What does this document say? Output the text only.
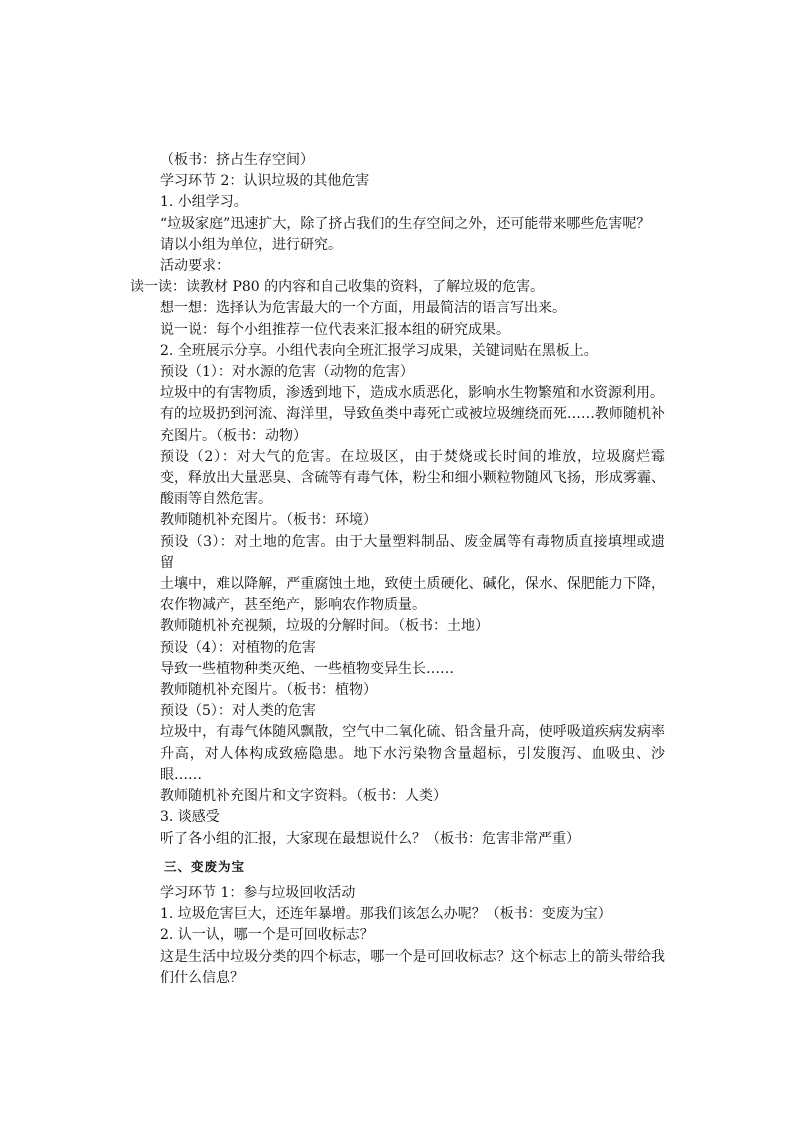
（板书：挤占生存空间）
学习环节 2：认识垃圾的其他危害
1. 小组学习。
“垃圾家庭”迅速扩大，除了挤占我们的生存空间之外，还可能带来哪些危害呢？
请以小组为单位，进行研究。
活动要求：
读一读：读教材 P80 的内容和自己收集的资料，了解垃圾的危害。
想一想：选择认为危害最大的一个方面，用最简洁的语言写出来。
说一说：每个小组推荐一位代表来汇报本组的研究成果。
2. 全班展示分享。小组代表向全班汇报学习成果，关键词贴在黑板上。
预设（1）：对水源的危害（动物的危害）
垃圾中的有害物质，渗透到地下，造成水质恶化，影响水生物繁殖和水资源利用。
有的垃圾扔到河流、海洋里，导致鱼类中毒死亡或被垃圾缠绕而死……教师随机补充图片。（板书：动物）
预设（2）：对大气的危害。在垃圾区，由于焚烧或长时间的堆放，垃圾腐烂霉变，释放出大量恶臭、含硫等有毒气体，粉尘和细小颗粒物随风飞扬，形成雾霾、酸雨等自然危害。
教师随机补充图片。（板书：环境）
预设（3）：对土地的危害。由于大量塑料制品、废金属等有毒物质直接填埋或遗留
土壤中，难以降解，严重腐蚀土地，致使土质硬化、碱化，保水、保肥能力下降，农作物减产，甚至绝产，影响农作物质量。
教师随机补充视频，垃圾的分解时间。（板书：土地）
预设（4）：对植物的危害
导致一些植物种类灭绝、一些植物变异生长……
教师随机补充图片。（板书：植物）
预设（5）：对人类的危害
垃圾中，有毒气体随风飘散，空气中二氧化硫、铅含量升高，使呼吸道疾病发病率升高，对人体构成致癌隐患。地下水污染物含量超标，引发腹泻、血吸虫、沙眼……
教师随机补充图片和文字资料。（板书：人类）
3. 谈感受
听了各小组的汇报，大家现在最想说什么？（板书：危害非常严重）
三、变废为宝
学习环节 1：参与垃圾回收活动
1. 垃圾危害巨大，还连年暴增。那我们该怎么办呢？（板书：变废为宝）
2. 认一认，哪一个是可回收标志？
这是生活中垃圾分类的四个标志，哪一个是可回收标志？这个标志上的箭头带给我们什么信息？
